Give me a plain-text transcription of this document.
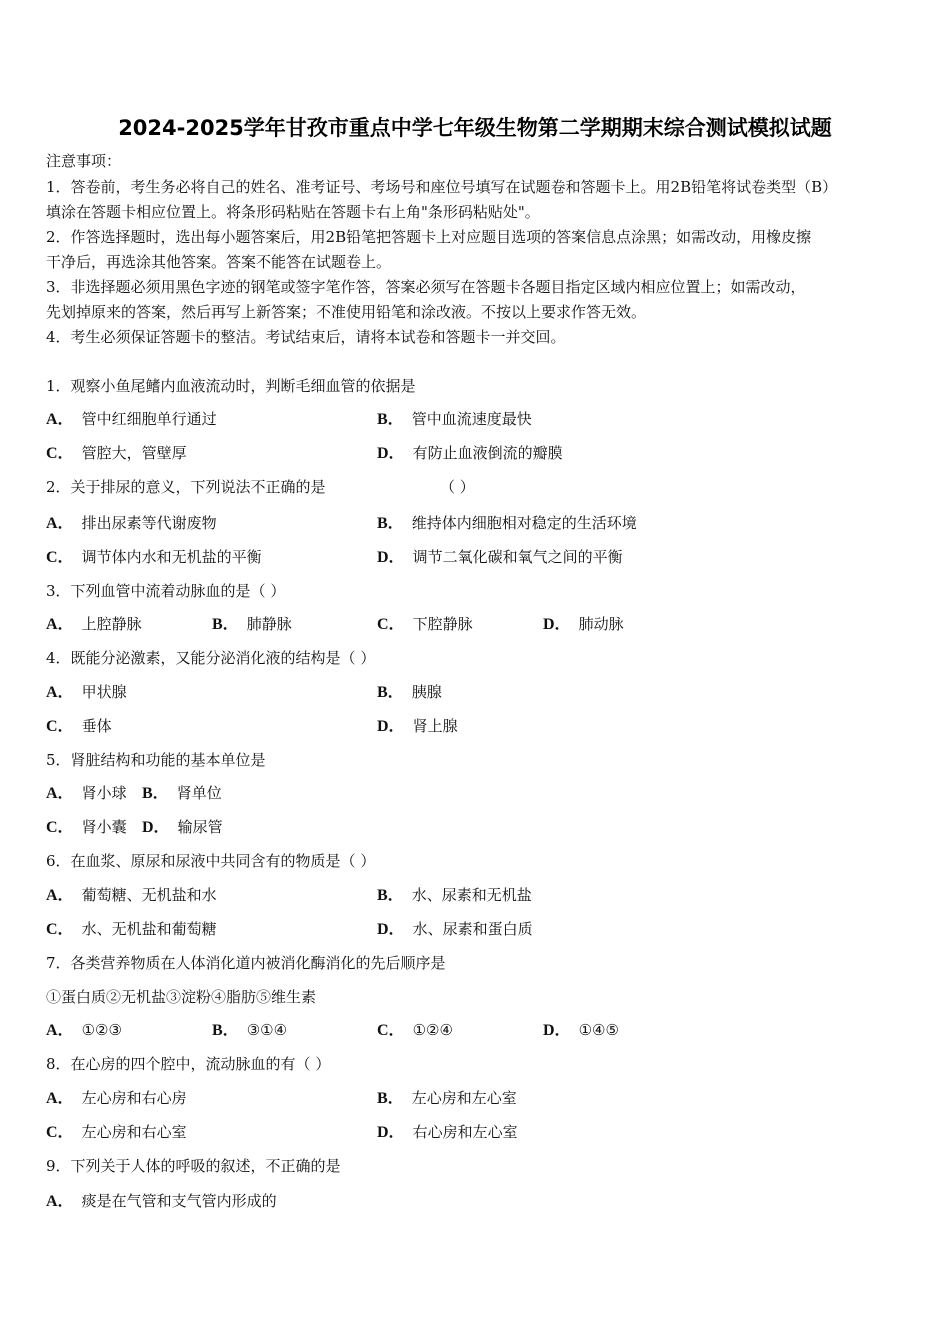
2024-2025学年甘孜市重点中学七年级生物第二学期期末综合测试模拟试题
注意事项：
1．答卷前，考生务必将自己的姓名、准考证号、考场号和座位号填写在试题卷和答题卡上。用2B铅笔将试卷类型（B）
填涂在答题卡相应位置上。将条形码粘贴在答题卡右上角"条形码粘贴处"。
2．作答选择题时，选出每小题答案后，用2B铅笔把答题卡上对应题目选项的答案信息点涂黑；如需改动，用橡皮擦
干净后，再选涂其他答案。答案不能答在试题卷上。
3．非选择题必须用黑色字迹的钢笔或签字笔作答，答案必须写在答题卡各题目指定区域内相应位置上；如需改动，
先划掉原来的答案，然后再写上新答案；不准使用铅笔和涂改液。不按以上要求作答无效。
4．考生必须保证答题卡的整洁。考试结束后，请将本试卷和答题卡一并交回。
1．观察小鱼尾鳍内血液流动时，判断毛细血管的依据是
A． 管中红细胞单行通过	B． 管中血流速度最快
C． 管腔大，管壁厚	D． 有防止血液倒流的瓣膜
2．关于排尿的意义，下列说法不正确的是	（ ）
A． 排出尿素等代谢废物	B． 维持体内细胞相对稳定的生活环境
C． 调节体内水和无机盐的平衡	D． 调节二氧化碳和氧气之间的平衡
3．下列血管中流着动脉血的是（ ）
A． 上腔静脉	B． 肺静脉	C． 下腔静脉	D． 肺动脉
4．既能分泌激素，又能分泌消化液的结构是（ ）
A． 甲状腺	B． 胰腺
C． 垂体	D． 肾上腺
5．肾脏结构和功能的基本单位是
A． 肾小球 B． 肾单位
C． 肾小囊 D． 输尿管
6．在血浆、原尿和尿液中共同含有的物质是（ ）
A． 葡萄糖、无机盐和水	B． 水、尿素和无机盐
C． 水、无机盐和葡萄糖	D． 水、尿素和蛋白质
7．各类营养物质在人体消化道内被消化酶消化的先后顺序是
①蛋白质②无机盐③淀粉④脂肪⑤维生素
A． ①②③	B． ③①④	C． ①②④	D． ①④⑤
8．在心房的四个腔中，流动脉血的有（ ）
A． 左心房和右心房	B． 左心房和左心室
C． 左心房和右心室	D． 右心房和左心室
9．下列关于人体的呼吸的叙述，不正确的是
A． 痰是在气管和支气管内形成的
